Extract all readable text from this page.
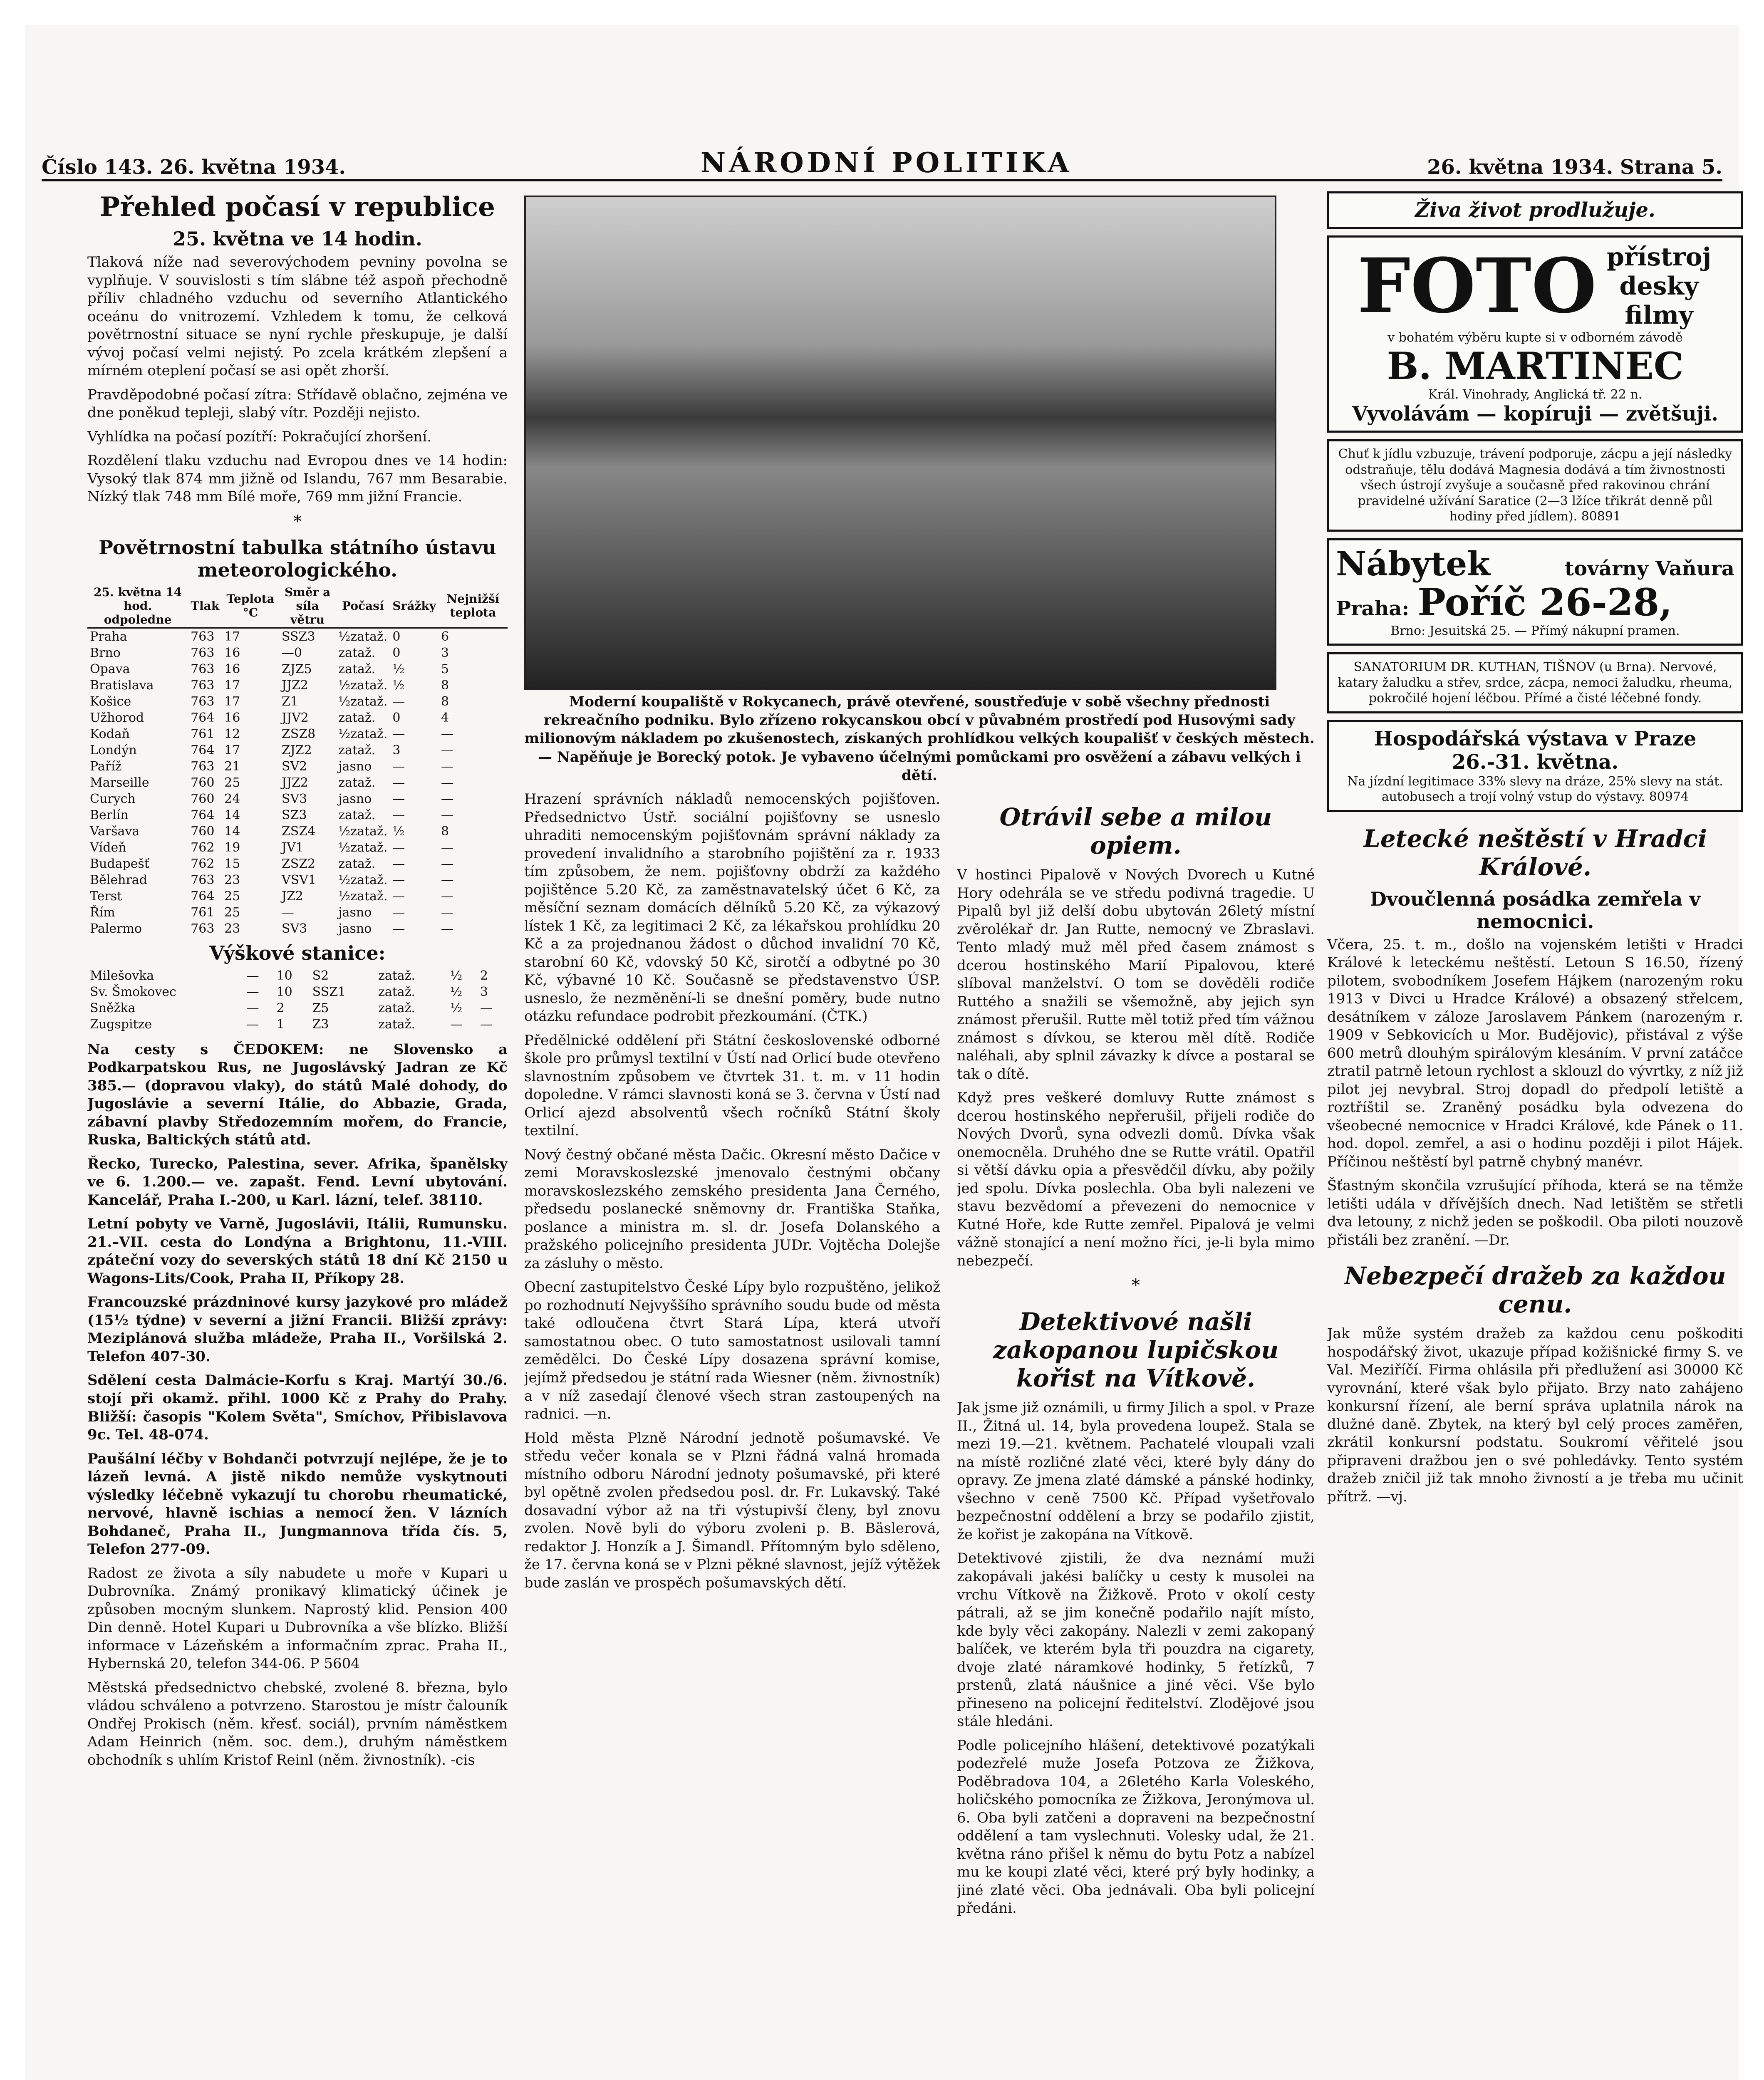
Číslo 143. 26. května 1934.	NÁRODNÍ POLITIKA	26. května 1934. Strana 5.
Přehled počasí v republice
25. května ve 14 hodin.

Tlaková níže nad severovýchodem pevniny povolna se vyplňuje. V souvislosti s tím slábne též aspoň přechodně příliv chladného vzduchu od severního Atlantického oceánu do vnitrozemí. Vzhledem k tomu, že celková povětrnostní situace se nyní rychle přeskupuje, je další vývoj počasí velmi nejistý. Po zcela krátkém zlepšení a mírném oteplení počasí se asi opět zhorší.

Pravděpodobné počasí zítra: Střídavě oblačno, zejména ve dne poněkud tepleji, slabý vítr. Později nejisto.

Vyhlídka na počasí pozítří: Pokračující zhoršení.

Rozdělení tlaku vzduchu nad Evropou dnes ve 14 hodin: Vysoký tlak 874 mm jižně od Islandu, 767 mm Besarabie. Nízký tlak 748 mm Bílé moře, 769 mm jižní Francie.

*
Povětrnostní tabulka státního ústavu meteorologického.
25. května 14 hod. odpoledne	Tlak	Teplota °C	Směr a síla větru	Počasí	Srážky	Nejnižší teplota
Praha	763	17	SSZ3	½zataž.	0	6
Brno	763	16	—0	zataž.	0	3
Opava	763	16	ZJZ5	zataž.	½	5
Bratislava	763	17	JJZ2	½zataž.	½	8
Košice	763	17	Z1	½zataž.	—	8
Užhorod	764	16	JJV2	zataž.	0	4
Kodaň	761	12	ZSZ8	½zataž.	—	—
Londýn	764	17	ZJZ2	zataž.	3	—
Paříž	763	21	SV2	jasno	—	—
Marseille	760	25	JJZ2	zataž.	—	—
Curych	760	24	SV3	jasno	—	—
Berlín	764	14	SZ3	zataž.	—	—
Varšava	760	14	ZSZ4	½zataž.	½	8
Vídeň	762	19	JV1	½zataž.	—	—
Budapešť	762	15	ZSZ2	zataž.	—	—
Bělehrad	763	23	VSV1	½zataž.	—	—
Terst	764	25	JZ2	½zataž.	—	—
Řím	761	25	—	jasno	—	—
Palermo	763	23	SV3	jasno	—	—
Výškové stanice:
Milešovka	—	10	S2	zataž.	½	2
Sv. Šmokovec	—	10	SSZ1	zataž.	½	3
Sněžka	—	2	Z5	zataž.	½	—
Zugspitze	—	1	Z3	zataž.	—	—

Na cesty s ČEDOKEM: ne Slovensko a Podkarpatskou Rus, ne Jugoslávský Jadran ze Kč 385.— (dopravou vlaky), do států Malé dohody, do Jugoslávie a severní Itálie, do Abbazie, Grada, zábavní plavby Středozemním mořem, do Francie, Ruska, Baltických států atd.

Řecko, Turecko, Palestina, sever. Afrika, španělsky ve 6. 1.200.— ve. zapašt. Fend. Levní ubytování. Kancelář, Praha I.-200, u Karl. lázní, telef. 38110.

Letní pobyty ve Varně, Jugoslávii, Itálii, Rumunsku. 21.–VII. cesta do Londýna a Brightonu, 11.-VIII. zpáteční vozy do severských států 18 dní Kč 2150 u Wagons-Lits/Cook, Praha II, Příkopy 28.

Francouzské prázdninové kursy jazykové pro mládež (15½ týdne) v severní a jižní Francii. Bližší zprávy: Meziplánová služba mládeže, Praha II., Voršilská 2. Telefon 407-30.

Sdělení cesta Dalmácie-Korfu s Kraj. Martýí 30./6. stojí při okamž. přihl. 1000 Kč z Prahy do Prahy. Bližší: časopis "Kolem Světa", Smíchov, Přibislavova 9c. Tel. 48-074.

Paušální léčby v Bohdanči potvrzují nejlépe, že je to lázeň levná. A jistě nikdo nemůže vyskytnouti výsledky léčebně vykazují tu chorobu rheumatické, nervové, hlavně ischias a nemocí žen. V lázních Bohdaneč, Praha II., Jungmannova třída čís. 5, Telefon 277-09.

Radost ze života a síly nabudete u moře v Kupari u Dubrovníka. Známý pronikavý klimatický účinek je způsoben mocným slunkem. Naprostý klid. Pension 400 Din denně. Hotel Kupari u Dubrovníka a vše blízko. Bližší informace v Lázeňském a informačním zprac. Praha II., Hybernská 20, telefon 344-06. P 5604

Městská předsednictvo chebské, zvolené 8. března, bylo vládou schváleno a potvrzeno. Starostou je místr čalouník Ondřej Prokisch (něm. křesť. sociál), prvním náměstkem Adam Heinrich (něm. soc. dem.), druhým náměstkem obchodník s uhlím Kristof Reinl (něm. živnostník). -cis

Moderní koupaliště v Rokycanech, právě otevřené, soustřeďuje v sobě všechny přednosti rekreačního podniku. Bylo zřízeno rokycanskou obcí v půvabném prostředí pod Husovými sady milionovým nákladem po zkušenostech, získaných prohlídkou velkých koupališť v českých městech. — Napěňuje je Borecký potok. Je vybaveno účelnými pomůckami pro osvěžení a zábavu velkých i dětí.

Hrazení správních nákladů nemocenských pojišťoven. Předsednictvo Ústř. sociální pojišťovny se usneslo uhraditi nemocenským pojišťovnám správní náklady za provedení invalidního a starobního pojištění za r. 1933 tím způsobem, že nem. pojišťovny obdrží za každého pojištěnce 5.20 Kč, za zaměstnavatelský účet 6 Kč, za měsíční seznam domácích dělníků 5.20 Kč, za výkazový lístek 1 Kč, za legitimaci 2 Kč, za lékařskou prohlídku 20 Kč a za projednanou žádost o důchod invalidní 70 Kč, starobní 60 Kč, vdovský 50 Kč, sirotčí a odbytné po 30 Kč, výbavné 10 Kč. Současně se představenstvo ÚSP. usneslo, že nezměnění-li se dnešní poměry, bude nutno otázku refundace podrobit přezkoumání. (ČTK.)

Předělnické oddělení při Státní československé odborné škole pro průmysl textilní v Ústí nad Orlicí bude otevřeno slavnostním způsobem ve čtvrtek 31. t. m. v 11 hodin dopoledne. V rámci slavnosti koná se 3. června v Ústí nad Orlicí ajezd absolventů všech ročníků Státní školy textilní.

Nový čestný občané města Dačic. Okresní město Dačice v zemi Moravskoslezské jmenovalo čestnými občany moravskoslezského zemského presidenta Jana Černého, předsedu poslanecké sněmovny dr. Františka Staňka, poslance a ministra m. sl. dr. Josefa Dolanského a pražského policejního presidenta JUDr. Vojtěcha Dolejše za zásluhy o město.

Obecní zastupitelstvo České Lípy bylo rozpuštěno, jelikož po rozhodnutí Nejvyššího správního soudu bude od města také odloučena čtvrt Stará Lípa, která utvoří samostatnou obec. O tuto samostatnost usilovali tamní zemědělci. Do České Lípy dosazena správní komise, jejímž předsedou je státní rada Wiesner (něm. živnostník) a v níž zasedají členové všech stran zastoupených na radnici. —n.

Hold města Plzně Národní jednotě pošumavské. Ve středu večer konala se v Plzni řádná valná hromada místního odboru Národní jednoty pošumavské, při které byl opětně zvolen předsedou posl. dr. Fr. Lukavský. Také dosavadní výbor až na tři výstupivší členy, byl znovu zvolen. Nově byli do výboru zvoleni p. B. Bäslerová, redaktor J. Honzík a J. Šimandl. Přítomným bylo sděleno, že 17. června koná se v Plzni pěkné slavnost, jejíž výtěžek bude zaslán ve prospěch pošumavských dětí.

Otrávil sebe a milou opiem.

V hostinci Pipalově v Nových Dvorech u Kutné Hory odehrála se ve středu podivná tragedie. U Pipalů byl již delší dobu ubytován 26letý místní zvěrolékař dr. Jan Rutte, nemocný ve Zbraslavi. Tento mladý muž měl před časem známost s dcerou hostinského Marií Pipalovou, které slíboval manželství. O tom se dověděli rodiče Ruttého a snažili se všemožně, aby jejich syn známost přerušil. Rutte měl totiž před tím vážnou známost s dívkou, se kterou měl dítě. Rodiče naléhali, aby splnil závazky k dívce a postaral se tak o dítě.

Když pres veškeré domluvy Rutte známost s dcerou hostinského nepřerušil, přijeli rodiče do Nových Dvorů, syna odvezli domů. Dívka však onemocněla. Druhého dne se Rutte vrátil. Opatřil si větší dávku opia a přesvědčil dívku, aby požily jed spolu. Dívka poslechla. Oba byli nalezeni ve stavu bezvědomí a převezeni do nemocnice v Kutné Hoře, kde Rutte zemřel. Pipalová je velmi vážně stonající a není možno říci, je-li byla mimo nebezpečí.

*
Detektivové našli zakopanou lupičskou kořist na Vítkově.

Jak jsme již oznámili, u firmy Jilich a spol. v Praze II., Žitná ul. 14, byla provedena loupež. Stala se mezi 19.—21. květnem. Pachatelé vloupali vzali na místě rozličné zlaté věci, které byly dány do opravy. Ze jmena zlaté dámské a pánské hodinky, všechno v ceně 7500 Kč. Případ vyšetřovalo bezpečnostní oddělení a brzy se podařilo zjistit, že kořist je zakopána na Vítkově.

Detektivové zjistili, že dva neznámí muži zakopávali jakési balíčky u cesty k musolei na vrchu Vítkově na Žižkově. Proto v okolí cesty pátrali, až se jim konečně podařilo najít místo, kde byly věci zakopány. Nalezli v zemi zakopaný balíček, ve kterém byla tři pouzdra na cigarety, dvoje zlaté náramkové hodinky, 5 řetízků, 7 prstenů, zlatá náušnice a jiné věci. Vše bylo přineseno na policejní ředitelství. Zlodějové jsou stále hledáni.

Podle policejního hlášení, detektivové pozatýkali podezřelé muže Josefa Potzova ze Žižkova, Poděbradova 104, a 26letého Karla Voleského, holičského pomocníka ze Žižkova, Jeronýmova ul. 6. Oba byli zatčeni a dopraveni na bezpečnostní oddělení a tam vyslechnuti. Volesky udal, že 21. května ráno přišel k němu do bytu Potz a nabízel mu ke koupi zlaté věci, které prý byly hodinky, a jiné zlaté věci. Oba jednávali. Oba byli policejní předáni.

Živa život prodlužuje.
FOTO přístroj desky filmy
v bohatém výběru kupte si v odborném závodě
B. MARTINEC
Král. Vinohrady, Anglická tř. 22 n.
Vyvolávám — kopíruji — zvětšuji.
Chuť k jídlu vzbuzuje, trávení podporuje, zácpu a její následky odstraňuje, tělu dodává Magnesia dodává a tím živnostnosti všech ústrojí zvyšuje a současně před rakovinou chrání pravidelné užívání Saratice (2—3 lžíce třikrát denně půl hodiny před jídlem). 80891
Nábytek	továrny Vaňura
Praha: Poříč 26-28,
Brno: Jesuitská 25. — Přímý nákupní pramen.
SANATORIUM DR. KUTHAN, TIŠNOV (u Brna). Nervové, katary žaludku a střev, srdce, zácpa, nemoci žaludku, rheuma, pokročilé hojení léčbou. Přímé a čisté léčebné fondy.
Hospodářská výstava v Praze 26.-31. května.
Na jízdní legitimace 33% slevy na dráze, 25% slevy na stát. autobusech a trojí volný vstup do výstavy. 80974
Letecké neštěstí v Hradci Králové.
Dvoučlenná posádka zemřela v nemocnici.

Včera, 25. t. m., došlo na vojenském letišti v Hradci Králové k leteckému neštěstí. Letoun S 16.50, řízený pilotem, svobodníkem Josefem Hájkem (narozeným roku 1913 v Divci u Hradce Králové) a obsazený střelcem, desátníkem v záloze Jaroslavem Pánkem (narozeným r. 1909 v Sebkovicích u Mor. Budějovic), přistával z výše 600 metrů dlouhým spirálovým klesáním. V první zatáčce ztratil patrně letoun rychlost a sklouzl do vývrtky, z níž již pilot jej nevybral. Stroj dopadl do předpolí letiště a roztříštil se. Zraněný posádku byla odvezena do všeobecné nemocnice v Hradci Králové, kde Pánek o 11. hod. dopol. zemřel, a asi o hodinu později i pilot Hájek. Příčinou neštěstí byl patrně chybný manévr.

Šťastným skončila vzrušující příhoda, která se na těmže letišti udála v dřívějších dnech. Nad letištěm se střetli dva letouny, z nichž jeden se poškodil. Oba piloti nouzově přistáli bez zranění. —Dr.

Nebezpečí dražeb za každou cenu.

Jak může systém dražeb za každou cenu poškoditi hospodářský život, ukazuje případ kožišnické firmy S. ve Val. Meziříčí. Firma ohlásila při předlužení asi 30000 Kč vyrovnání, které však bylo přijato. Brzy nato zahájeno konkursní řízení, ale berní správa uplatnila nárok na dlužné daně. Zbytek, na který byl celý proces zaměřen, zkrátil konkursní podstatu. Soukromí věřitelé jsou připraveni dražbou jen o své pohledávky. Tento systém dražeb zničil již tak mnoho živností a je třeba mu učinit přítrž. —vj.
